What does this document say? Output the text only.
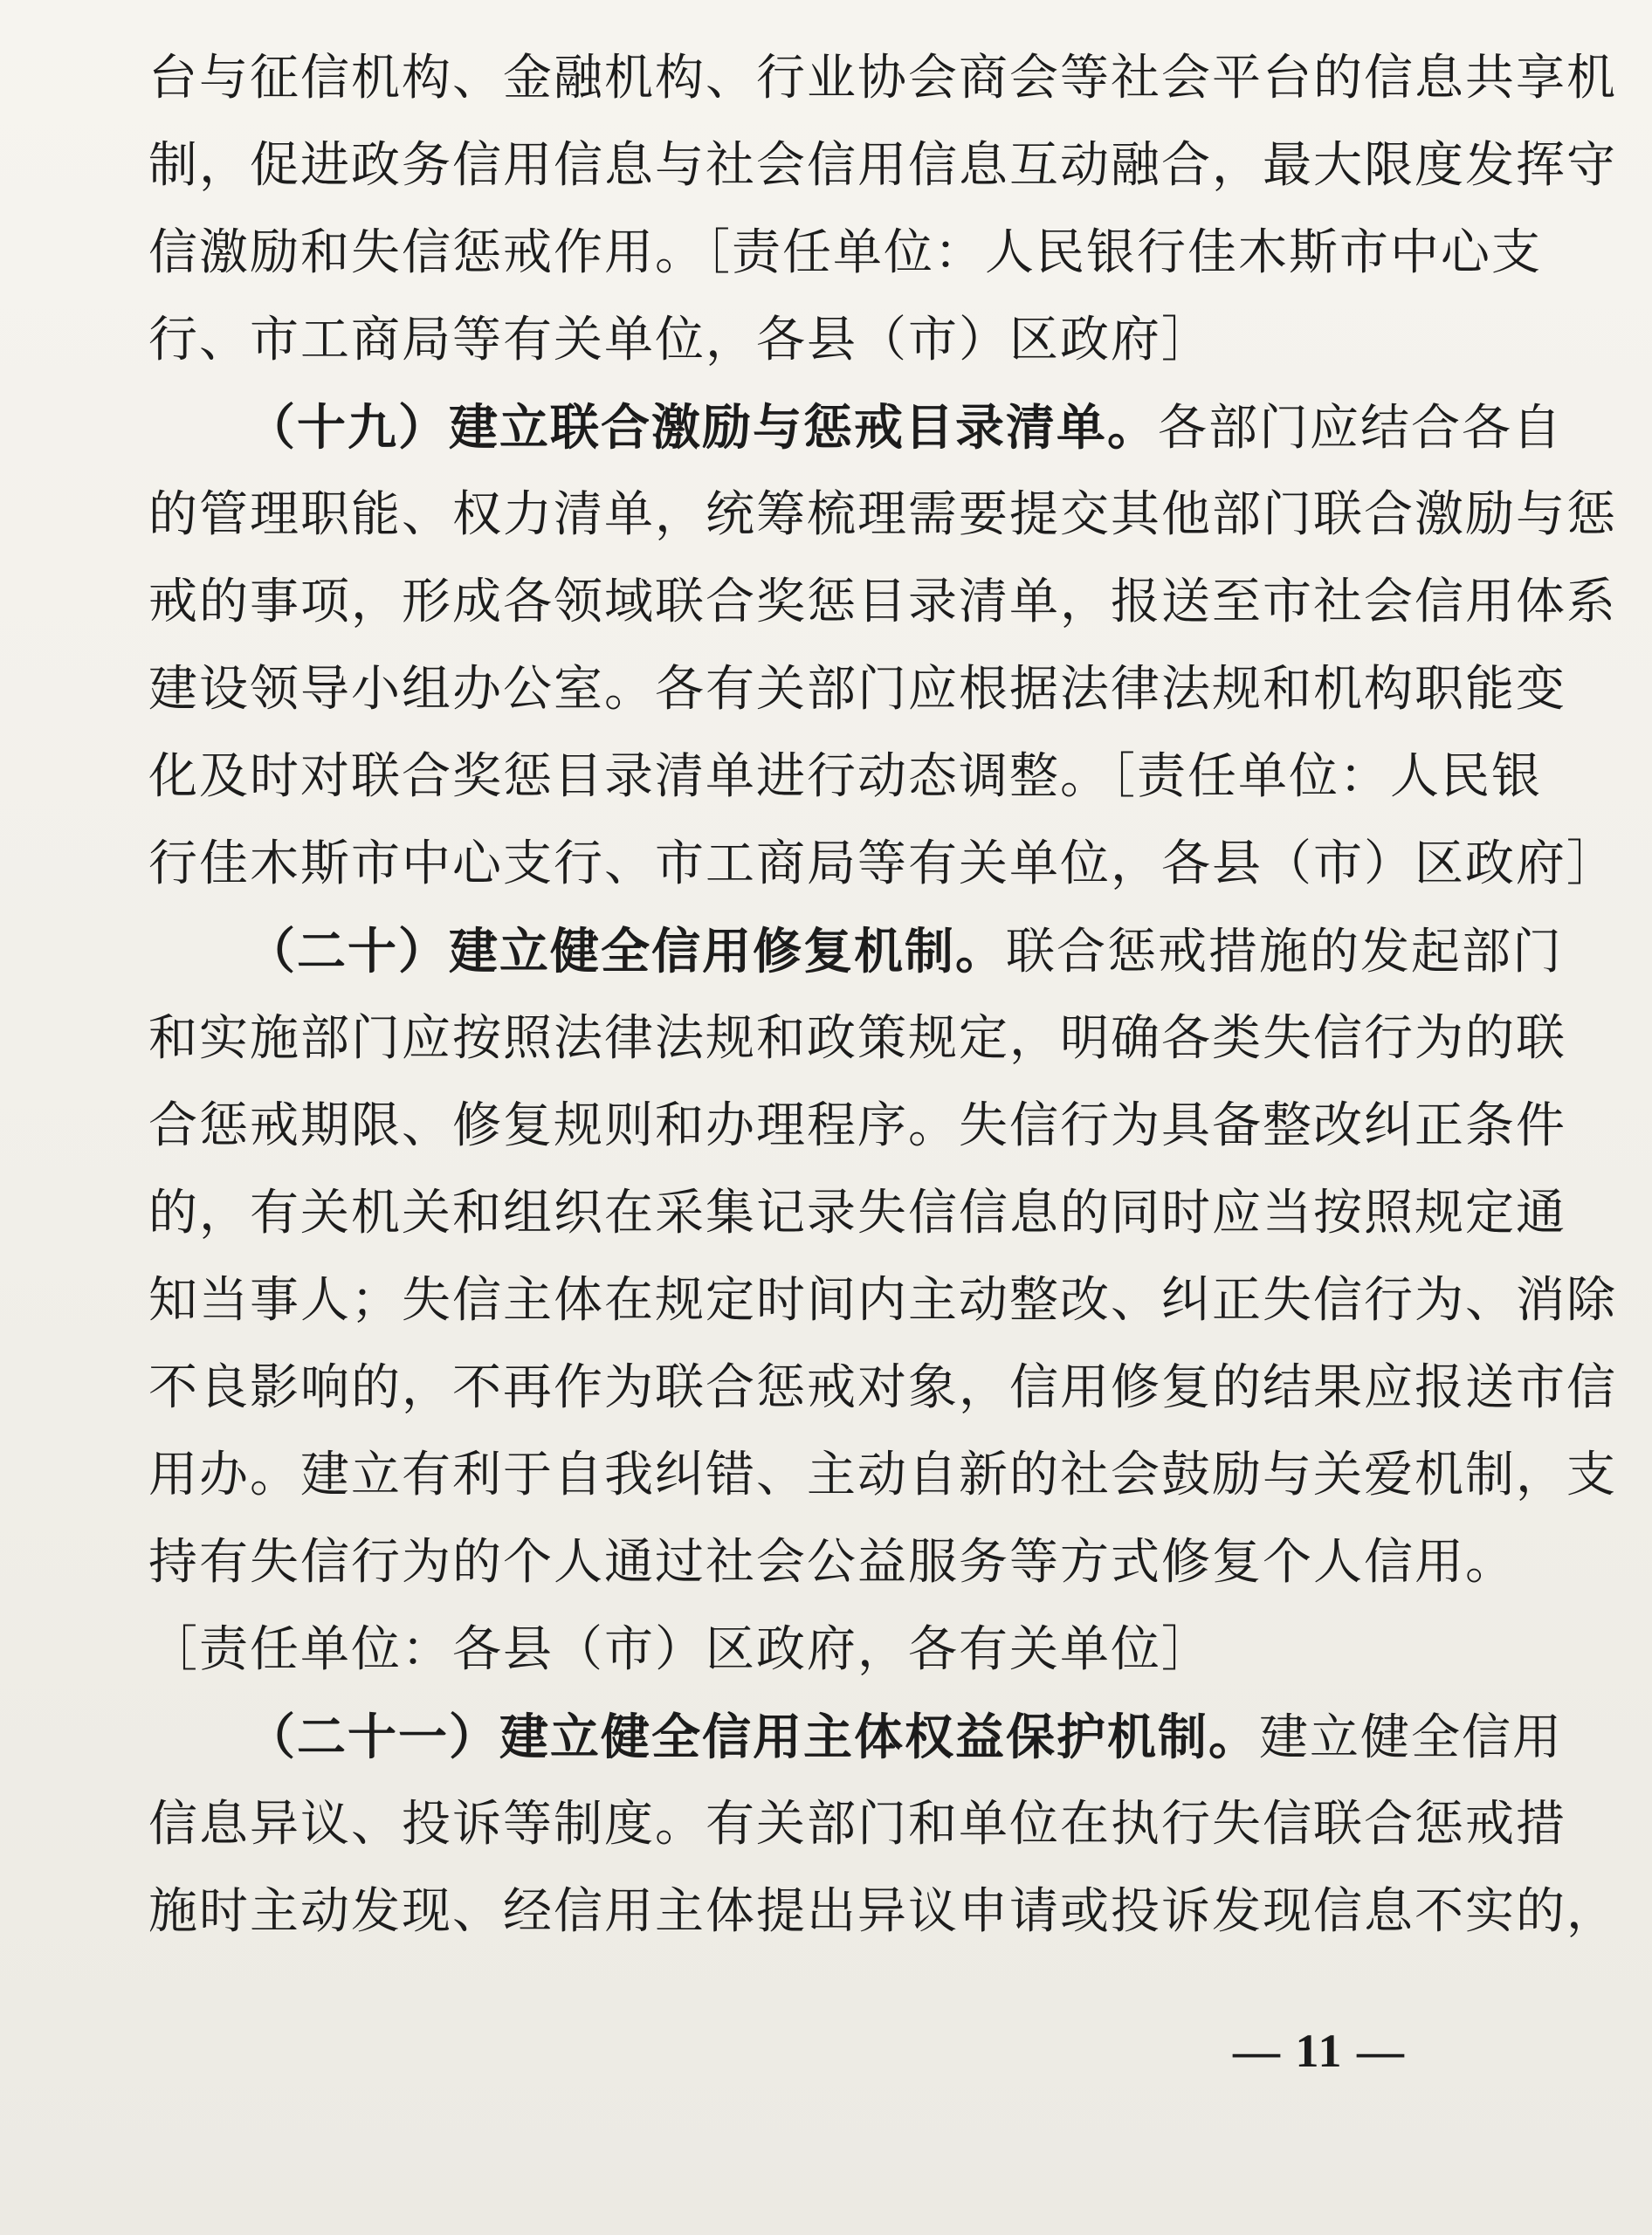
台与征信机构、金融机构、行业协会商会等社会平台的信息共享机
制，促进政务信用信息与社会信用信息互动融合，最大限度发挥守
信激励和失信惩戒作用。［责任单位：人民银行佳木斯市中心支
行、市工商局等有关单位，各县（市）区政府］
（十九）建立联合激励与惩戒目录清单。各部门应结合各自
的管理职能、权力清单，统筹梳理需要提交其他部门联合激励与惩
戒的事项，形成各领域联合奖惩目录清单，报送至市社会信用体系
建设领导小组办公室。各有关部门应根据法律法规和机构职能变
化及时对联合奖惩目录清单进行动态调整。［责任单位：人民银
行佳木斯市中心支行、市工商局等有关单位，各县（市）区政府］
（二十）建立健全信用修复机制。联合惩戒措施的发起部门
和实施部门应按照法律法规和政策规定，明确各类失信行为的联
合惩戒期限、修复规则和办理程序。失信行为具备整改纠正条件
的，有关机关和组织在采集记录失信信息的同时应当按照规定通
知当事人；失信主体在规定时间内主动整改、纠正失信行为、消除
不良影响的，不再作为联合惩戒对象，信用修复的结果应报送市信
用办。建立有利于自我纠错、主动自新的社会鼓励与关爱机制，支
持有失信行为的个人通过社会公益服务等方式修复个人信用。
［责任单位：各县（市）区政府，各有关单位］
（二十一）建立健全信用主体权益保护机制。建立健全信用
信息异议、投诉等制度。有关部门和单位在执行失信联合惩戒措
施时主动发现、经信用主体提出异议申请或投诉发现信息不实的，
— 11 —
